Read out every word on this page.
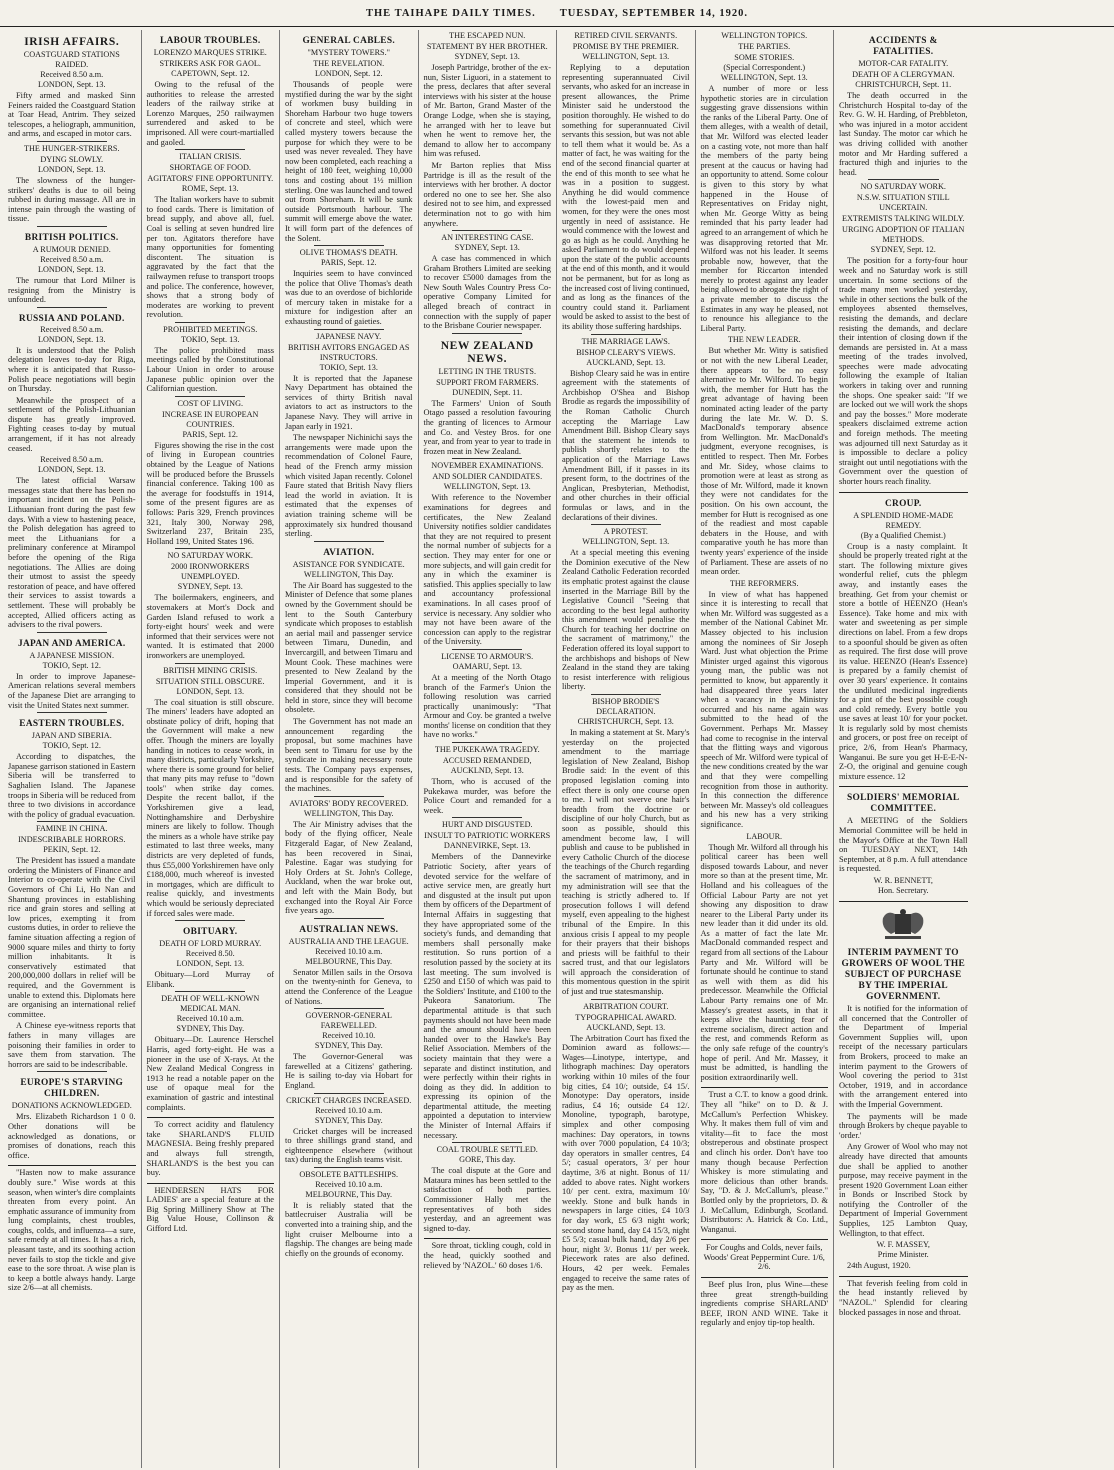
THE TAIHAPE DAILY TIMES. TUESDAY, SEPTEMBER 14, 1920.
IRISH AFFAIRS.
COASTGUARD STATIONS RAIDED.
Received 8.50 a.m.
LONDON, Sept. 13.
Fifty armed and masked Sinn Feiners raided the Coastguard Station at Toar Head, Antrim. They seized telescopes, a heliograph, ammunition, and arms, and escaped in motor cars.
THE HUNGER-STRIKERS.
DYING SLOWLY.
LONDON, Sept. 13.
The slowness of the hunger-strikers' deaths is due to oil being rubbed in during massage. All are in intense pain through the wasting of tissue.
BRITISH POLITICS.
A RUMOUR DENIED.
Received 8.50 a.m.
LONDON, Sept. 13.
The rumour that Lord Milner is resigning from the Ministry is unfounded.
RUSSIA AND POLAND.
Received 8.50 a.m.
LONDON, Sept. 13.
It is understood that the Polish delegation leaves to-day for Riga, where it is anticipated that Russo-Polish peace negotiations will begin on Thursday.
Meanwhile the prospect of a settlement of the Polish-Lithuanian dispute has greatly improved. Fighting ceases to-day by mutual arrangement, if it has not already ceased.
Received 8.50 a.m.
LONDON, Sept. 13.
The latest official Warsaw messages state that there has been no important incident on the Polish-Lithuanian front during the past few days. With a view to hastening peace, the Polish delegation has agreed to meet the Lithuanians for a preliminary conference at Mirampol before the opening of the Riga negotiations. The Allies are doing their utmost to assist the speedy restoration of peace, and have offered their services to assist towards a settlement. These will probably be accepted, Allied officers acting as advisers to the rival powers.
JAPAN AND AMERICA.
A JAPANESE MISSION.
TOKIO, Sept. 12.
In order to improve Japanese-American relations several members of the Japanese Diet are arranging to visit the United States next summer.
EASTERN TROUBLES.
JAPAN AND SIBERIA.
TOKIO, Sept. 12.
According to dispatches, the Japanese garrison stationed in Eastern Siberia will be transferred to Saghalien Island. The Japanese troops in Siberia will be reduced from three to two divisions in accordance with the policy of gradual evacuation.
FAMINE IN CHINA.
INDESCRIBABLE HORRORS.
PEKIN, Sept. 12.
The President has issued a mandate ordering the Ministers of Finance and Interior to co-operate with the Civil Governors of Chi Li, Ho Nan and Shantung provinces in establishing rice and grain stores and selling at low prices, exempting it from customs duties, in order to relieve the famine situation affecting a region of 9000 square miles and thirty to forty million inhabitants. It is conservatively estimated that 200,000,000 dollars in relief will be required, and the Government is unable to extend this. Diplomats here are organising an international relief committee.
A Chinese eye-witness reports that fathers in many villages are poisoning their families in order to save them from starvation. The horrors are said to be indescribable.
EUROPE'S STARVING CHILDREN.
DONATIONS ACKNOWLEDGED.
Mrs. Elizabeth Richardson 1 0 0. Other donations will be acknowledged as donations, or promises of donations, reach this office.
"Hasten now to make assurance doubly sure." Wise words at this season, when winter's dire complaints threaten from every point. An emphatic assurance of immunity from lung complaints, chest troubles, coughs, colds, and influenza—a sure, safe remedy at all times. It has a rich, pleasant taste, and its soothing action never fails to stop the tickle and give ease to the sore throat. A wise plan is to keep a bottle always handy. Large size 2/6—at all chemists.
LABOUR TROUBLES.
LORENZO MARQUES STRIKE.
STRIKERS ASK FOR GAOL.
CAPETOWN, Sept. 12.
Owing to the refusal of the authorities to release the arrested leaders of the railway strike at Lorenzo Marques, 250 railwaymen surrendered and asked to be imprisoned. All were court-martialled and gaoled.
ITALIAN CRISIS.
SHORTAGE OF FOOD.
AGITATORS' FINE OPPORTUNITY.
ROME, Sept. 13.
The Italian workers have to submit to food cards. There is limitation of bread supply, and above all, fuel. Coal is selling at seven hundred lire per ton. Agitators therefore have many opportunities for fomenting discontent. The situation is aggravated by the fact that the railwaymen refuse to transport troops and police. The conference, however, shows that a strong body of moderates are working to prevent revolution.
PROHIBITED MEETINGS.
TOKIO, Sept. 13.
The police prohibited mass meetings called by the Constitutional Labour Union in order to arouse Japanese public opinion over the Californian question.
COST OF LIVING.
INCREASE IN EUROPEAN COUNTRIES.
PARIS, Sept. 12.
Figures showing the rise in the cost of living in European countries obtained by the League of Nations will be produced before the Brussels financial conference. Taking 100 as the average for foodstuffs in 1914, some of the present figures are as follows: Paris 329, French provinces 321, Italy 300, Norway 298, Switzerland 237, Britain 235, Holland 199, United States 196.
NO SATURDAY WORK.
2000 IRONWORKERS UNEMPLOYED.
SYDNEY, Sept. 13.
The boilermakers, engineers, and stovemakers at Mort's Dock and Garden Island refused to work a forty-eight hours' week and were informed that their services were not wanted. It is estimated that 2000 ironworkers are unemployed.
BRITISH MINING CRISIS.
SITUATION STILL OBSCURE.
LONDON, Sept. 13.
The coal situation is still obscure. The miners' leaders have adopted an obstinate policy of drift, hoping that the Government will make a new offer. Though the miners are loyally handing in notices to cease work, in many districts, particularly Yorkshire, where there is some ground for belief that many pits may refuse to "down tools" when strike day comes. Despite the recent ballot, if the Yorkshiremen give a lead, Nottinghamshire and Derbyshire miners are likely to follow. Though the miners as a whole have strike pay estimated to last three weeks, many districts are very depleted of funds, thus £55,000 Yorkshiremen have only £188,000, much whereof is invested in mortgages, which are difficult to realise quickly, and investments which would be seriously depreciated if forced sales were made.
OBITUARY.
DEATH OF LORD MURRAY.
Received 8.50.
LONDON, Sept. 13.
Obituary—Lord Murray of Elibank.
DEATH OF WELL-KNOWN MEDICAL MAN.
Received 10.10 a.m.
SYDNEY, This Day.
Obituary—Dr. Laurence Herschel Harris, aged forty-eight. He was a pioneer in the use of X-rays. At the New Zealand Medical Congress in 1913 he read a notable paper on the use of opaque meal for the examination of gastric and intestinal complaints.
To correct acidity and flatulency take SHARLAND'S FLUID MAGNESIA. Being freshly prepared and always full strength, SHARLAND'S is the best you can buy.
HENDERSEN HATS FOR LADIES' are a special feature at the Big Spring Millinery Show at The Big Value House, Collinson & Gifford Ltd.
GENERAL CABLES.
"MYSTERY TOWERS."
THE REVELATION.
LONDON, Sept. 12.
Thousands of people were mystified during the war by the sight of workmen busy building in Shoreham Harbour two huge towers of concrete and steel, which were called mystery towers because the purpose for which they were to be used was never revealed. They have now been completed, each reaching a height of 180 feet, weighing 10,000 tons and costing about 1½ million sterling. One was launched and towed out from Shoreham. It will be sunk outside Portsmouth harbour. The summit will emerge above the water. It will form part of the defences of the Solent.
OLIVE THOMAS'S DEATH.
PARIS, Sept. 12.
Inquiries seem to have convinced the police that Olive Thomas's death was due to an overdose of bichloride of mercury taken in mistake for a mixture for indigestion after an exhausting round of gaieties.
JAPANESE NAVY.
BRITISH AVITORS ENGAGED AS INSTRUCTORS.
TOKIO, Sept. 13.
It is reported that the Japanese Navy Department has obtained the services of thirty British naval aviators to act as instructors to the Japanese Navy. They will arrive in Japan early in 1921.
The newspaper Nichinichi says the arrangements were made upon the recommendation of Colonel Faure, head of the French army mission which visited Japan recently. Colonel Faure stated that British Navy fliers lead the world in aviation. It is estimated that the expenses of aviation training scheme will be approximately six hundred thousand sterling.
AVIATION.
ASISTANCE FOR SYNDICATE.
WELLINGTON, This Day.
The Air Board has suggested to the Minister of Defence that some planes owned by the Government should be lent to the South Canterbury syndicate which proposes to establish an aerial mail and passenger service between Timaru, Dunedin, and Invercargill, and between Timaru and Mount Cook. These machines were presented to New Zealand by the Imperial Government, and it is considered that they should not be held in store, since they will become obsolete.
The Government has not made an announcement regarding the proposal, but some machines have been sent to Timaru for use by the syndicate in making necessary route tests. The Company pays expenses, and is responsible for the safety of the machines.
AVIATORS' BODY RECOVERED.
WELLINGTON, This Day.
The Air Ministry advises that the body of the flying officer, Neale Fitzgerald Eagar, of New Zealand, has been recovered in Sinai, Palestine. Eagar was studying for Holy Orders at St. John's College, Auckland, when the war broke out, and left with the Main Body, but exchanged into the Royal Air Force five years ago.
AUSTRALIAN NEWS.
AUSTRALIA AND THE LEAGUE.
Received 10.10 a.m.
MELBOURNE, This Day.
Senator Millen sails in the Orsova on the twenty-ninth for Geneva, to attend the Conference of the League of Nations.
GOVERNOR-GENERAL FAREWELLED.
Received 10.10.
SYDNEY, This Day.
The Governor-General was farewelled at a Citizens' gathering. He is sailing to-day via Hobart for England.
CRICKET CHARGES INCREASED.
Received 10.10 a.m.
SYDNEY, This Day.
Cricket charges will be increased to three shillings grand stand, and eighteenpence elsewhere (without tax) during the English teams visit.
OBSOLETE BATTLESHIPS.
Received 10.10 a.m.
MELBOURNE, This Day.
It is reliably stated that the battlecruiser Australia will be converted into a training ship, and the light cruiser Melbourne into a flagship. The changes are being made chiefly on the grounds of economy.
THE ESCAPED NUN.
STATEMENT BY HER BROTHER.
SYDNEY, Sept. 13.
Joseph Partridge, brother of the ex-nun, Sister Liguori, in a statement to the press, declares that after several interviews with his sister at the house of Mr. Barton, Grand Master of the Orange Lodge, when she is staying, he arranged with her to leave but when he went to remove her, the demand to allow her to accompany him was refused.
Mr Barton replies that Miss Partridge is ill as the result of the interviews with her brother. A doctor ordered no one to see her. She also desired not to see him, and expressed determination not to go with him anywhere.
AN INTERESTING CASE.
SYDNEY, Sept. 13.
A case has commenced in which Graham Brothers Limited are seeking to recover £5000 damages from the New South Wales Country Press Co-operative Company Limited for alleged breach of contract in connection with the supply of paper to the Brisbane Courier newspaper.
NEW ZEALAND NEWS.
LETTING IN THE TRUSTS.
SUPPORT FROM FARMERS.
DUNEDIN, Sept. 11.
The Farmers' Union of South Otago passed a resolution favouring the granting of licences to Armour and Co. and Vestey Bros. for one year, and from year to year to trade in frozen meat in New Zealand.
NOVEMBER EXAMINATIONS.
AND SOLDIER CANDIDATES.
WELLINGTON, Sept. 13.
With reference to the November examinations for degrees and certificates, the New Zealand University notifies soldier candidates that they are not required to present the normal number of subjects for a section. They may enter for one or more subjects, and will gain credit for any in which the examiner is satisfied. This applies specially to law and accountancy professional examinations. In all cases proof of service is necessary. Any soldier who may not have been aware of the concession can apply to the registrar of the University.
LICENSE TO ARMOUR'S.
OAMARU, Sept. 13.
At a meeting of the North Otago branch of the Farmer's Union the following resolution was carried practically unanimously: "That Armour and Coy. be granted a twelve months' license on condition that they have no works."
THE PUKEKAWA TRAGEDY.
ACCUSED REMANDED,
AUCKLND, Sept. 13.
Thorn, who is accused of the Pukekawa murder, was before the Police Court and remanded for a week.
HURT AND DISGUSTED.
INSULT TO PATRIOTIC WORKERS
DANNEVIRKE, Sept. 13.
Members of the Dannevirke Patriotic Society, after years of devoted service for the welfare of active service men, are greatly hurt and disgusted at the insult put upon them by officers of the Department of Internal Affairs in suggesting that they have appropriated some of the society's funds, and demanding that members shall personally make restitution. So runs portion of a resolution passed by the society at its last meeting. The sum involved is £250 and £150 of which was paid to the Soldiers' Institute, and £100 to the Pukeora Sanatorium. The departmental attitude is that such payments should not have been made and the amount should have been handed over to the Hawke's Bay Relief Association. Members of the society maintain that they were a separate and distinct institution, and were perfectly within their rights in doing as they did. In addition to expressing its opinion of the departmental attitude, the meeting appointed a deputation to interview the Minister of Internal Affairs if necessary.
COAL TROUBLE SETTLED.
GORE, This day.
The coal dispute at the Gore and Mataura mines has been settled to the satisfaction of both parties. Commissioner Hally met the representatives of both sides yesterday, and an agreement was signed to-day.
Sore throat, tickling cough, cold in the head, quickly soothed and relieved by 'NAZOL.' 60 doses 1/6.
RETIRED CIVIL SERVANTS.
PROMISE BY THE PREMIER.
WELLINGTON, Sept. 13.
Replying to a deputation representing superannuated Civil servants, who asked for an increase in present allowances, the Prime Minister said he understood the position thoroughly. He wished to do something for superannuated Civil servants this session, but was not able to tell them what it would be. As a matter of fact, he was waiting for the end of the second financial quarter at the end of this month to see what he was in a position to suggest. Anything he did would commence with the lowest-paid men and women, for they were the ones most urgently in need of assistance. He would commence with the lowest and go as high as he could. Anything he asked Parliament to do would depend upon the state of the public accounts at the end of this month, and it would not be permanent, but for as long as the increased cost of living continued, and as long as the finances of the country could stand it. Parliament would be asked to assist to the best of its ability those suffering hardships.
THE MARRIAGE LAWS.
BISHOP CLEARY'S VIEWS.
AUCKLAND, Sept. 13.
Bishop Cleary said he was in entire agreement with the statements of Archbishop O'Shea and Bishop Brodie as regards the impossibility of the Roman Catholic Church accepting the Marriage Law Amendment Bill. Bishop Cleary says that the statement he intends to publish shortly relates to the application of the Marriage Laws Amendment Bill, if it passes in its present form, to the doctrines of the Anglican, Presbyterian, Methodist, and other churches in their official formulas or laws, and in the declarations of their divines.
A PROTEST.
WELLINGTON, Sept. 13.
At a special meeting this evening the Dominion executive of the New Zealand Catholic Federation recorded its emphatic protest against the clause inserted in the Marriage Bill by the Legislative Council "Seeing that according to the best legal authority this amendment would penalise the Church for teaching her doctrine on the sacrament of matrimony," the Federation offered its loyal support to the archbishops and bishops of New Zealand in the stand they are taking to resist interference with religious liberty.
BISHOP BRODIE'S DECLARATION.
CHRISTCHURCH, Sept. 13.
In making a statement at St. Mary's yesterday on the projected amendment to the marriage legislation of New Zealand, Bishop Brodie said: In the event of this proposed legislation coming into effect there is only one course open to me. I will not swerve one hair's breadth from the doctrine or discipline of our holy Church, but as soon as possible, should this amendment become law, I will publish and cause to be published in every Catholic Church of the diocese the teachings of the Church regarding the sacrament of matrimony, and in my administration will see that the teaching is strictly adhered to. If prosecution follows I will defend myself, even appealing to the highest tribunal of the Empire. In this anxious crisis I appeal to my people for their prayers that their bishops and priests will be faithful to their sacred trust, and that our legislators will approach the consideration of this momentous question in the spirit of just and true statesmanship.
ARBITRATION COURT.
TYPOGRAPHICAL AWARD.
AUCKLAND, Sept. 13.
The Arbitration Court has fixed the Dominion award as follows:— Wages—Linotype, intertype, and lithograph machines: Day operators working within 10 miles of the four big cities, £4 10/; outside, £4 15/. Monotype: Day operators, inside radius, £4 16; outside £4 12/. Monoline, typograph, barotype, simplex and other composing machines: Day operators, in towns with over 7000 population, £4 10/3; day operators in smaller centres, £4 5/; casual operators, 3/ per hour daytime, 3/6 at night. Bonus of 11/ added to above rates. Night workers 10/ per cent. extra, maximum 10/ weekly. Stone and bulk hands in newspapers in large cities, £4 10/3 for day work, £5 6/3 night work; second stone hand, day £4 15/3, night £5 5/3; casual bulk hand, day 2/6 per hour, night 3/. Bonus 11/ per week. Piecework rates are also defined. Hours, 42 per week. Females engaged to receive the same rates of pay as the men.
WELLINGTON TOPICS.
THE PARTIES.
SOME STORIES.
(Special Correspondent.)
WELLINGTON, Sept. 13.
A number of more or less hypothetic stories are in circulation suggesting grave dissensions within the ranks of the Liberal Party. One of them alleges, with a wealth of detail, that Mr. Wilford was elected leader on a casting vote, not more than half the members of the party being present at the caucus or having had an opportunity to attend. Some colour is given to this story by what happened in the House of Representatives on Friday night, when Mr. George Witty as being reminded that his party leader had agreed to an arrangement of which he was disapproving retorted that Mr. Wilford was not his leader. It seems probable now, however, that the member for Riccarton intended merely to protest against any leader being allowed to abrogate the right of a private member to discuss the Estimates in any way he pleased, not to renounce his allegiance to the Liberal Party.
THE NEW LEADER.
But whether Mr. Witty is satisfied or not with the new Liberal Leader, there appears to be no easy alternative to Mr. Wilford. To begin with, the member for Hutt has the great advantage of having been nominated acting leader of the party during the late Mr. W. D. S. MacDonald's temporary absence from Wellington. Mr. MacDonald's judgment, everyone recognises, is entitled to respect. Then Mr. Forbes and Mr. Sidey, whose claims to promotion were at least as strong as those of Mr. Wilford, made it known they were not candidates for the position. On his own account, the member for Hutt is recognised as one of the readiest and most capable debaters in the House, and with comparative youth he has more than twenty years' experience of the inside of Parliament. These are assets of no mean order.
THE REFORMERS.
In view of what has happened since it is interesting to recall that when Mr. Wilford was suggested as a member of the National Cabinet Mr. Massey objected to his inclusion among the nominees of Sir Joseph Ward. Just what objection the Prime Minister urged against this vigorous young man, the public was not permitted to know, but apparently it had disappeared three years later when a vacancy in the Ministry occurred and his name again was submitted to the head of the Government. Perhaps Mr. Massey had come to recognise in the interval that the flitting ways and vigorous speech of Mr. Wilford were typical of the new conditions created by the war and that they were compelling recognition from those in authority. In this connection the difference between Mr. Massey's old colleagues and his new has a very striking significance.
LABOUR.
Though Mr. Wilford all through his political career has been well disposed towards Labour, and never more so than at the present time, Mr. Holland and his colleagues of the Official Labour Party are not yet showing any disposition to draw nearer to the Liberal Party under its new leader than it did under its old. As a matter of fact the late Mr. MacDonald commanded respect and regard from all sections of the Labour Party and Mr. Wilford will be fortunate should he continue to stand as well with them as did his predecessor. Meanwhile the Official Labour Party remains one of Mr. Massey's greatest assets, in that it keeps alive the haunting fear of extreme socialism, direct action and the rest, and commends Reform as the only safe refuge of the country's hope of peril. And Mr. Massey, it must be admitted, is handling the position extraordinarily well.
Trust a C.T. to know a good drink. They all "hike" on to D. & J. McCallum's Perfection Whiskey. Why. It makes them full of vim and vitality—fit to face the most obstreperous and obstinate prospect and clinch his order. Don't have too many though because Perfection Whiskey is more stimulating and more delicious than other brands. Say, "D. & J. McCallum's, please." Bottled only by the proprietors, D. & J. McCallum, Edinburgh, Scotland. Distributors: A. Hatrick & Co. Ltd., Wanganui.
For Coughs and Colds, never fails, Woods' Great Peppermint Cure. 1/6, 2/6.
Beef plus Iron, plus Wine—these three great strength-building ingredients comprise SHARLAND' BEEF, IRON AND WINE. Take it regularly and enjoy tip-top health.
ACCIDENTS & FATALITIES.
MOTOR-CAR FATALITY.
DEATH OF A CLERGYMAN.
CHRISTCHURCH, Sept. 11.
The death occurred in the Christchurch Hospital to-day of the Rev. G. W. H. Harding, of Prebbleton, who was injured in a motor accident last Sunday. The motor car which he was driving collided with another motor and Mr Harding suffered a fractured thigh and injuries to the head.
NO SATURDAY WORK.
N.S.W. SITUATION STILL UNCERTAIN.
EXTREMISTS TALKING WILDLY.
URGING ADOPTION OF ITALIAN METHODS.
SYDNEY, Sept. 12.
The position for a forty-four hour week and no Saturday work is still uncertain. In some sections of the trade many men worked yesterday, while in other sections the bulk of the employees absented themselves, resisting the demands, and declare resisting the demands, and declare their intention of closing down if the demands are persisted in. At a mass meeting of the trades involved, speeches were made advocating following the example of Italian workers in taking over and running the shops. One speaker said: "If we are locked out we will work the shops and pay the bosses." More moderate speakers disclaimed extreme action and foreign methods. The meeting was adjourned till next Saturday as it is impossible to declare a policy straight out until negotiations with the Government over the question of shorter hours reach finality.
CROUP.
A SPLENDID HOME-MADE REMEDY.
(By a Qualified Chemist.)
Croup is a nasty complaint. It should be properly treated right at the start. The following mixture gives wonderful relief, cuts the phlegm away, and instantly eases the breathing. Get from your chemist or store a bottle of HEENZO (Hean's Essence). Take home and mix with water and sweetening as per simple directions on label. From a few drops to a spoonful should be given as often as required. The first dose will prove its value. HEENZO (Hean's Essence) is prepared by a family chemist of over 30 years' experience. It contains the undiluted medicinal ingredients for a pint of the best possible cough and cold remedy. Every bottle you use saves at least 10/ for your pocket. It is regularly sold by most chemists and grocers, or post free on receipt of price, 2/6, from Hean's Pharmacy, Wanganui. Be sure you get H-E-E-N-Z-O, the original and genuine cough mixture essence. 12
SOLDIERS' MEMORIAL COMMITTEE.
A MEETING of the Soldiers Memorial Committee will be held in the Mayor's Office at the Town Hall on TUESDAY NEXT, 14th September, at 8 p.m. A full attendance is requested.
W. R. BENNETT,
Hon. Secretary.
INTERIM PAYMENT TO GROWERS OF WOOL THE SUBJECT OF PURCHASE BY THE IMPERIAL GOVERNMENT.
It is notified for the information of all concerned that the Controller of the Department of Imperial Government Supplies will, upon receipt of the necessary particulars from Brokers, proceed to make an interim payment to the Growers of Wool covering the period to 31st October, 1919, and in accordance with the arrangement entered into with the Imperial Government.
The payments will be made through Brokers by cheque payable to 'order.'
Any Grower of Wool who may not already have directed that amounts due shall be applied to another purpose, may receive payment in the present 1920 Government Loan either in Bonds or Inscribed Stock by notifying the Controller of the Department of Imperial Government Supplies, 125 Lambton Quay, Wellington, to that effect.
W. F. MASSEY,
Prime Minister.
24th August, 1920.
That feverish feeling from cold in the head instantly relieved by "NAZOL." Splendid for clearing blocked passages in nose and throat.
